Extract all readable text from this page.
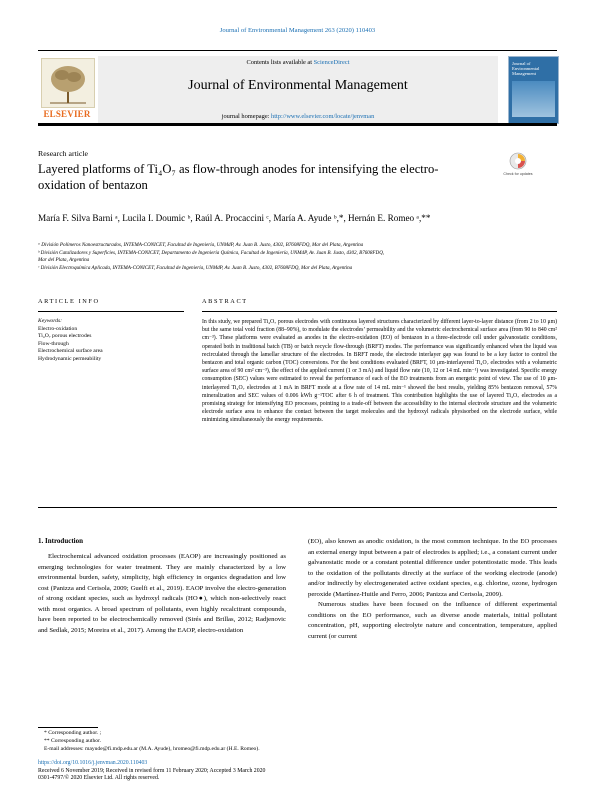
Journal of Environmental Management 263 (2020) 110403
ELSEVIER
Contents lists available at ScienceDirect
Journal of Environmental Management
journal homepage: http://www.elsevier.com/locate/jenvman
Journal of Environmental Management
Research article
Layered platforms of Ti₄O₇ as flow-through anodes for intensifying the electro-oxidation of bentazon
Check for updates
María F. Silva Barni ᵃ, Lucila I. Doumic ᵇ, Raúl A. Procaccini ᶜ, María A. Ayude ᵇ,*, Hernán E. Romeo ᵃ,**
ᵃ División Polímeros Nanoestructurados, INTEMA-CONICET, Facultad de Ingeniería, UNMdP, Av. Juan B. Justo, 4302, B7608FDQ, Mar del Plata, Argentina
ᵇ División Catalizadores y Superficies, INTEMA-CONICET, Departamento de Ingeniería Química, Facultad de Ingeniería, UNMdP, Av. Juan B. Justo, 4302, B7608FDQ,
Mar del Plata, Argentina
ᶜ División Electroquímica Aplicada, INTEMA-CONICET, Facultad de Ingeniería, UNMdP, Av. Juan B. Justo, 4302, B7608FDQ, Mar del Plata, Argentina
ARTICLE INFO	ABSTRACT
Keywords:
Electro-oxidation
Ti₄O₇ porous electrodes
Flow-through
Electrochemical surface area
Hydrodynamic permeability
In this study, we prepared Ti₄O₇ porous electrodes with continuous layered structures characterized by different layer-to-layer distance (from 2 to 10 μm) but the same total void fraction (88–90%), to modulate the electrodes’ permeability and the volumetric electrochemical surface area (from 90 to 840 cm² cm⁻³). These platforms were evaluated as anodes in the electro-oxidation (EO) of bentazon in a three-electrode cell under galvanostatic conditions, operated both in traditional batch (TB) or batch recycle flow-through (BRFT) modes. The performance was significantly enhanced when the liquid was recirculated through the lamellar structure of the electrodes. In BRFT mode, the electrode interlayer gap was found to be a key factor to control the bentazon and total organic carbon (TOC) conversions. For the best conditions evaluated (BRFT, 10 μm-interlayered Ti₄O₇ electrodes with a volumetric surface area of 90 cm² cm⁻³), the effect of the applied current (1 or 3 mA) and liquid flow rate (10, 12 or 14 mL min⁻¹) was investigated. Specific energy consumption (SEC) values were estimated to reveal the performance of each of the EO treatments from an energetic point of view. The use of 10 μm-interlayered Ti₄O₇ electrodes at 1 mA in BRFT mode at a flow rate of 14 mL min⁻¹ showed the best results, yielding 85% bentazon removal, 57% mineralization and SEC values of 0.006 kWh g⁻¹TOC after 6 h of treatment. This contribution highlights the use of layered Ti₄O₇ electrodes as a promising strategy for intensifying EO processes, pointing to a trade-off between the accessibility to the internal electrode structure and the volumetric electrode surface area to enhance the contact between the target molecules and the hydroxyl radicals physisorbed on the electrode surface, while minimizing simultaneously the energy requirements.
1. Introduction

Electrochemical advanced oxidation processes (EAOP) are increasingly positioned as emerging technologies for water treatment. They are mainly characterized by a low environmental burden, safety, simplicity, high efficiency in organics degradation and low cost (Panizza and Cerisola, 2009; Guelfi et al., 2019). EAOP involve the electro-generation of strong oxidant species, such as hydroxyl radicals (HO●), which non-selectively react with most organics. A broad spectrum of pollutants, even highly recalcitrant compounds, have been reported to be electrochemically removed (Sirés and Brillas, 2012; Radjenovic and Sedlak, 2015; Moreira et al., 2017). Among the EAOP, electro-oxidation

(EO), also known as anodic oxidation, is the most common technique. In the EO processes an external energy input between a pair of electrodes is applied; i.e., a constant current under galvanostatic mode or a constant potential difference under potentiostatic mode. This leads to the oxidation of the pollutants directly at the surface of the working electrode (anode) and/or indirectly by electrogenerated active oxidant species, e.g. chlorine, ozone, hydrogen peroxide (Martínez-Huitle and Ferro, 2006; Panizza and Cerisola, 2009).

Numerous studies have been focused on the influence of different experimental conditions on the EO performance, such as diverse anode materials, initial pollutant concentration, pH, supporting electrolyte nature and concentration, temperature, applied current (or current

* Corresponding author. ;
** Corresponding author.
E-mail addresses: mayude@fi.mdp.edu.ar (M.A. Ayude), hromeo@fi.mdp.edu.ar (H.E. Romeo).
https://doi.org/10.1016/j.jenvman.2020.110403
Received 6 November 2019; Received in revised form 11 February 2020; Accepted 3 March 2020
0301-4797/© 2020 Elsevier Ltd. All rights reserved.
